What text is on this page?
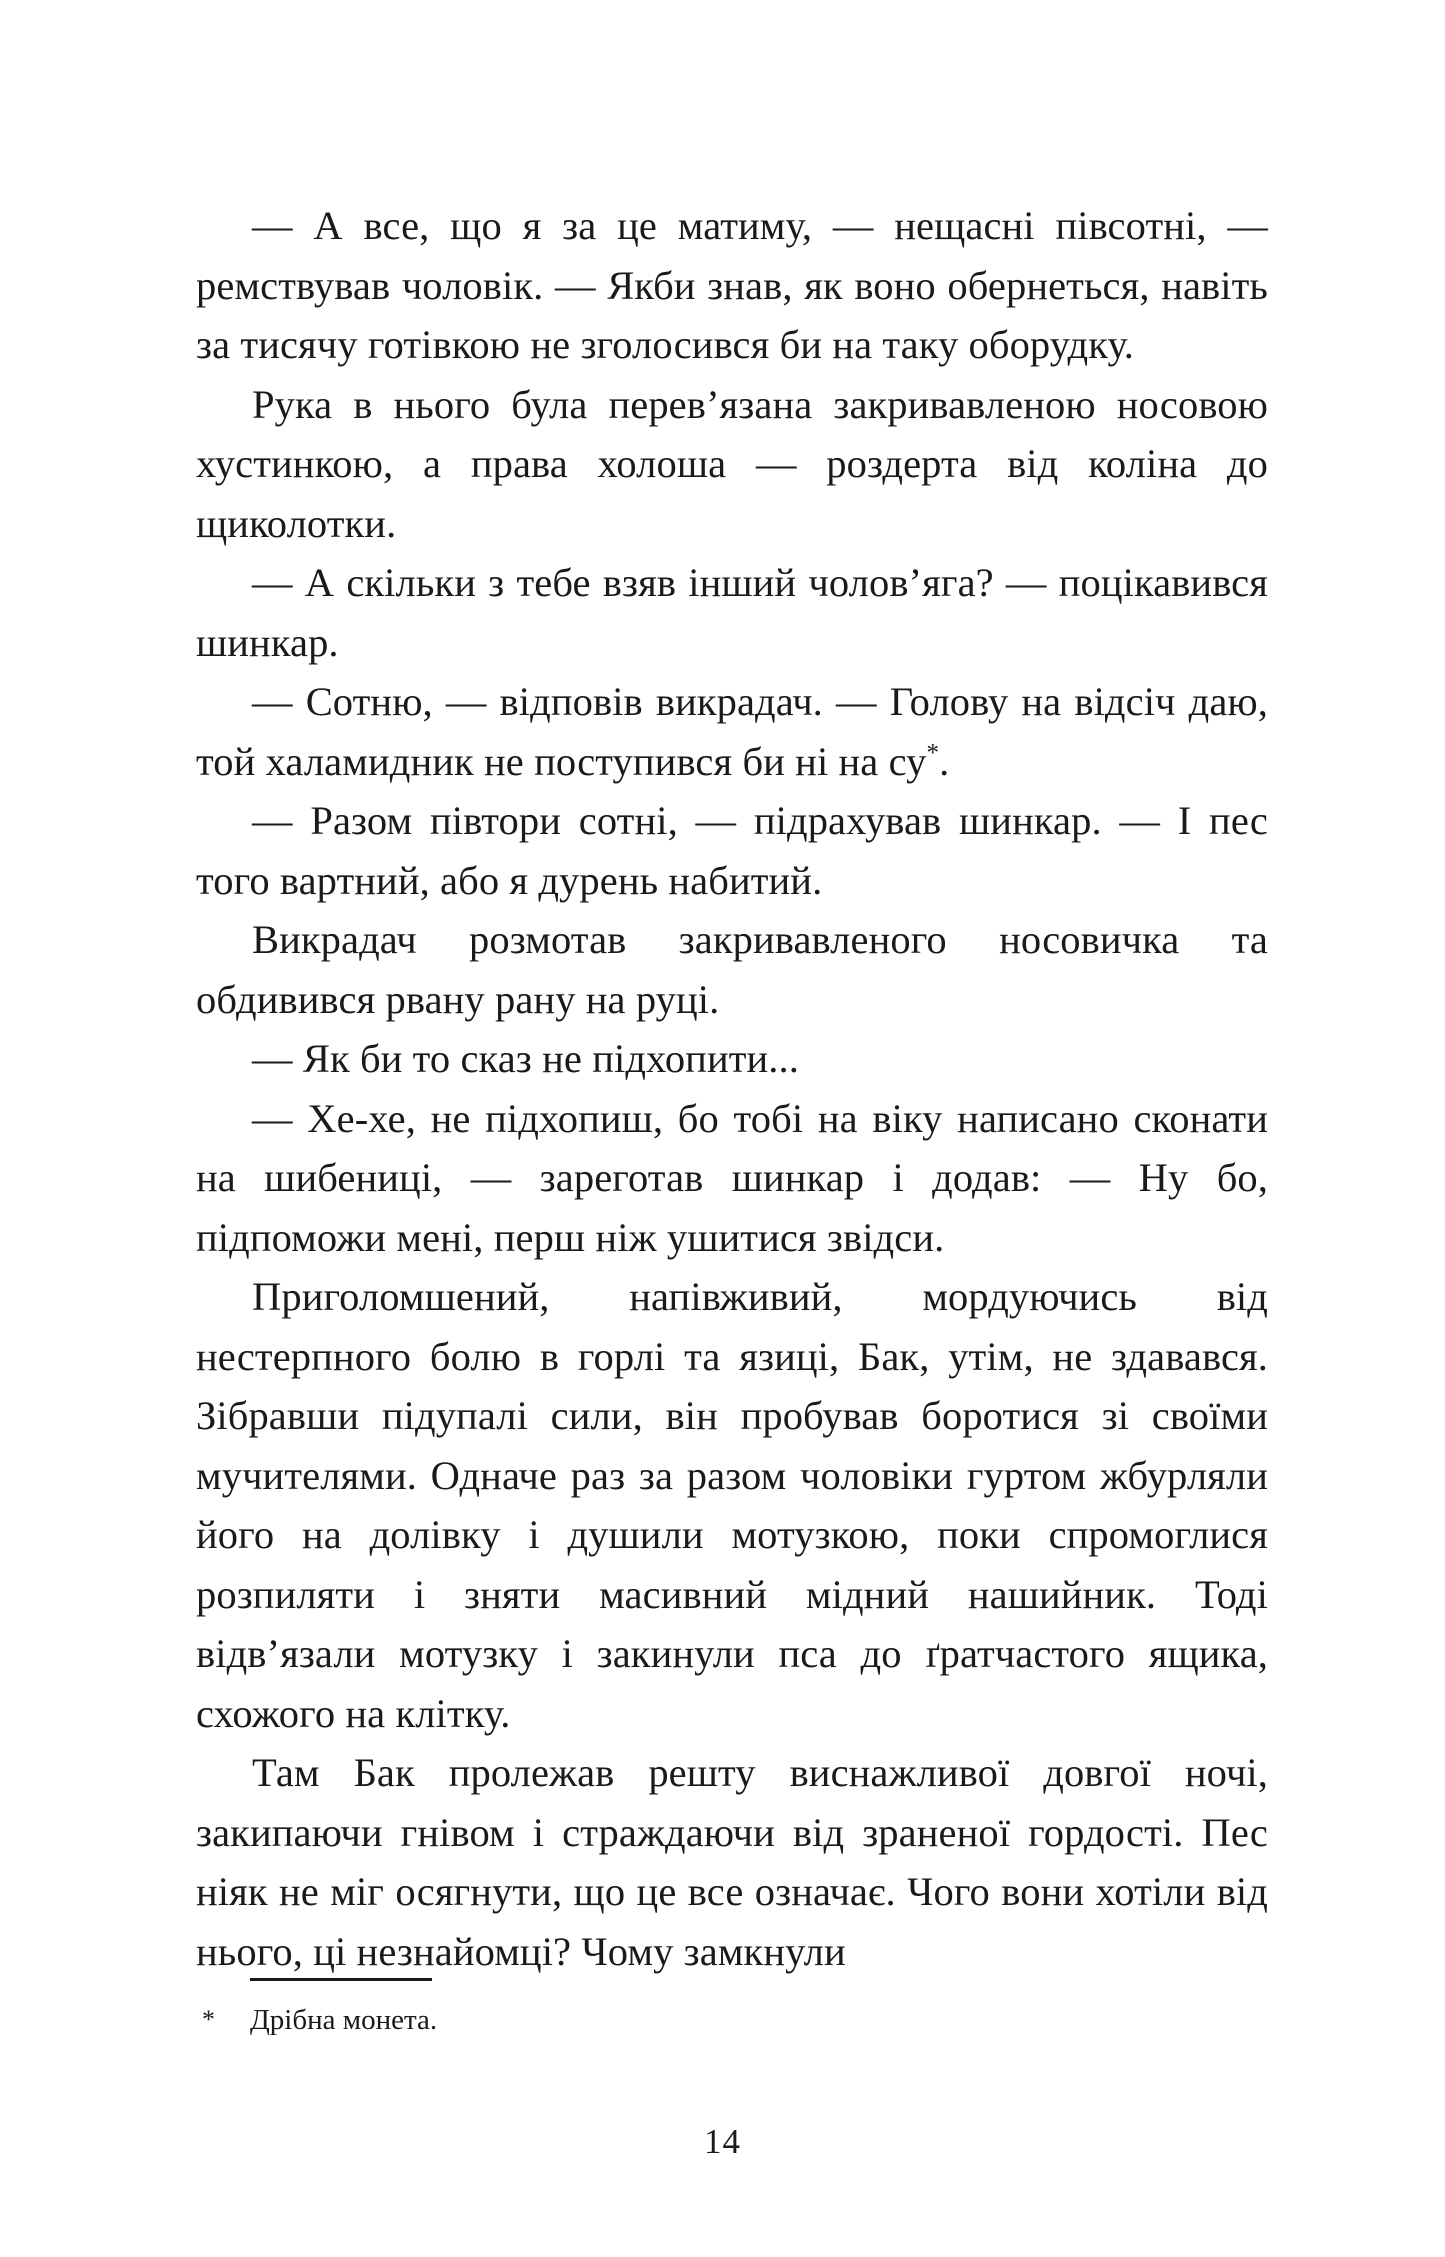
— А все, що я за це матиму, — нещасні півсотні, — ремствував чоловік. — Якби знав, як воно обернеться, навіть за тисячу готівкою не зголосився би на таку оборудку.

Рука в нього була перев’язана закривавленою носовою хустинкою, а права холоша — роздерта від коліна до щиколотки.

— А скільки з тебе взяв інший чолов’яга? — поцікавився шинкар.

— Сотню, — відповів викрадач. — Голову на відсіч даю, той халамидник не поступився би ні на су*.

— Разом півтори сотні, — підрахував шинкар. — І пес того вартний, або я дурень набитий.

Викрадач розмотав закривавленого носовичка та обдивився рвану рану на руці.

— Як би то сказ не підхопити...

— Хе-хе, не підхопиш, бо тобі на віку написано сконати на шибениці, — зареготав шинкар і додав: — Ну бо, підпоможи мені, перш ніж ушитися звідси.

Приголомшений, напівживий, мордуючись від нестерпного болю в горлі та язиці, Бак, утім, не здавався. Зібравши підупалі сили, він пробував боротися зі своїми мучителями. Одначе раз за разом чоловіки гуртом жбурляли його на долівку і душили мотузкою, поки спромоглися розпиляти і зняти масивний мідний нашийник. Тоді відв’язали мотузку і закинули пса до ґратчастого ящика, схожого на клітку.

Там Бак пролежав решту виснажливої довгої ночі, закипаючи гнівом і страждаючи від зраненої гордості. Пес ніяк не міг осягнути, що це все означає. Чого вони хотіли від нього, ці незнайомці? Чому замкнули

*	Дрібна монета.
14
